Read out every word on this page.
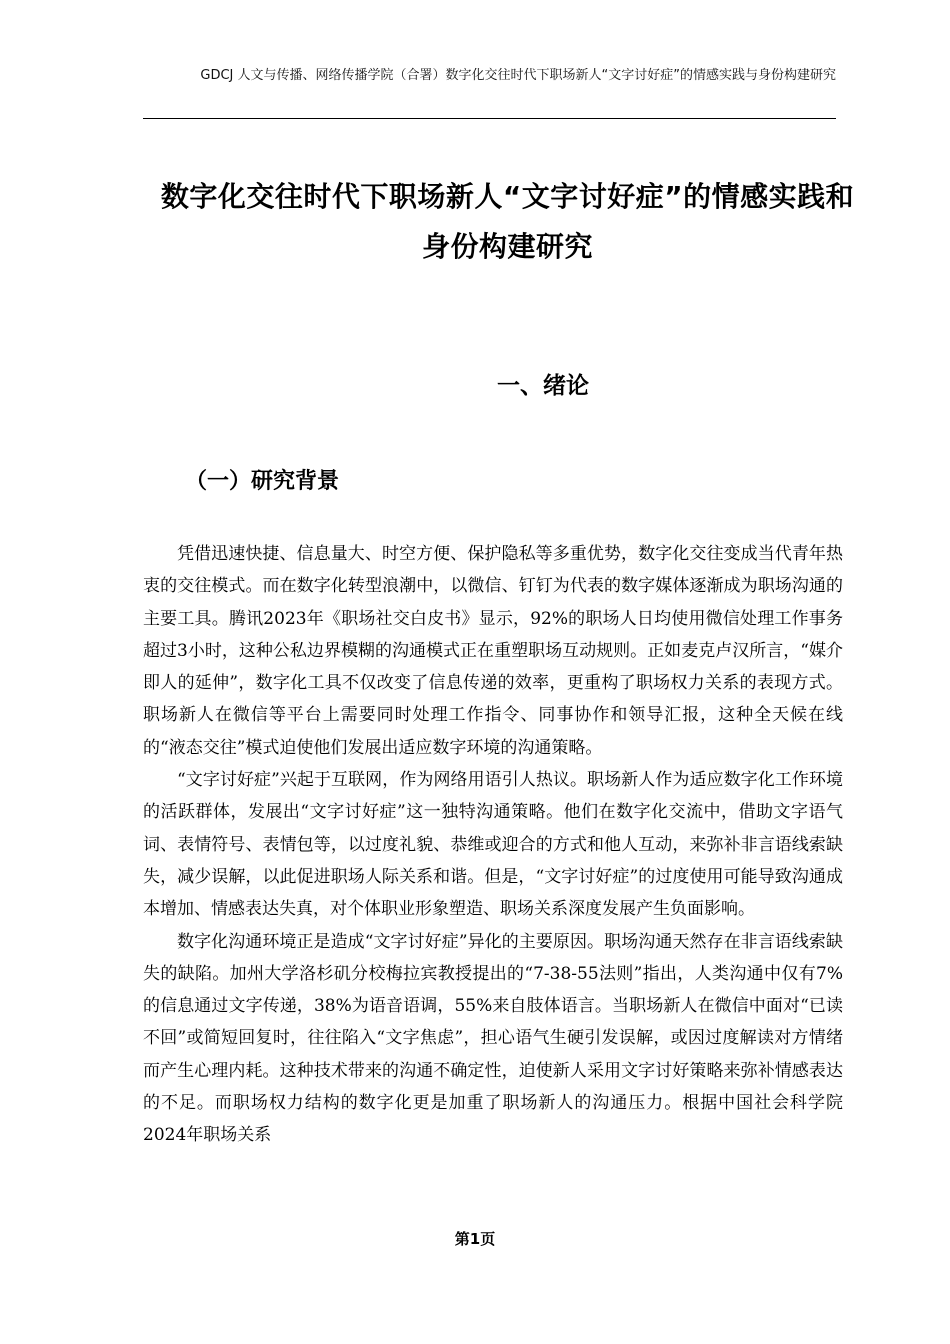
GDCJ 人文与传播、网络传播学院（合署）数字化交往时代下职场新人“文字讨好症”的情感实践与身份构建研究
数字化交往时代下职场新人“文字讨好症”的情感实践和身份构建研究
一、绪论
（一）研究背景

凭借迅速快捷、信息量大、时空方便、保护隐私等多重优势，数字化交往变成当代青年热衷的交往模式。而在数字化转型浪潮中，以微信、钉钉为代表的数字媒体逐渐成为职场沟通的主要工具。腾讯2023年《职场社交白皮书》显示，92%的职场人日均使用微信处理工作事务超过3小时，这种公私边界模糊的沟通模式正在重塑职场互动规则。正如麦克卢汉所言，“媒介即人的延伸”，数字化工具不仅改变了信息传递的效率，更重构了职场权力关系的表现方式。职场新人在微信等平台上需要同时处理工作指令、同事协作和领导汇报，这种全天候在线的“液态交往”模式迫使他们发展出适应数字环境的沟通策略。

“文字讨好症”兴起于互联网，作为网络用语引人热议。职场新人作为适应数字化工作环境的活跃群体，发展出“文字讨好症”这一独特沟通策略。他们在数字化交流中，借助文字语气词、表情符号、表情包等，以过度礼貌、恭维或迎合的方式和他人互动，来弥补非言语线索缺失，减少误解，以此促进职场人际关系和谐。但是，“文字讨好症”的过度使用可能导致沟通成本增加、情感表达失真，对个体职业形象塑造、职场关系深度发展产生负面影响。

数字化沟通环境正是造成“文字讨好症”异化的主要原因。职场沟通天然存在非言语线索缺失的缺陷。加州大学洛杉矶分校梅拉宾教授提出的“7-38-55法则”指出，人类沟通中仅有7%的信息通过文字传递，38%为语音语调，55%来自肢体语言。当职场新人在微信中面对“已读不回”或简短回复时，往往陷入“文字焦虑”，担心语气生硬引发误解，或因过度解读对方情绪而产生心理内耗。这种技术带来的沟通不确定性，迫使新人采用文字讨好策略来弥补情感表达的不足。而职场权力结构的数字化更是加重了职场新人的沟通压力。根据中国社会科学院2024年职场关系

第1页
